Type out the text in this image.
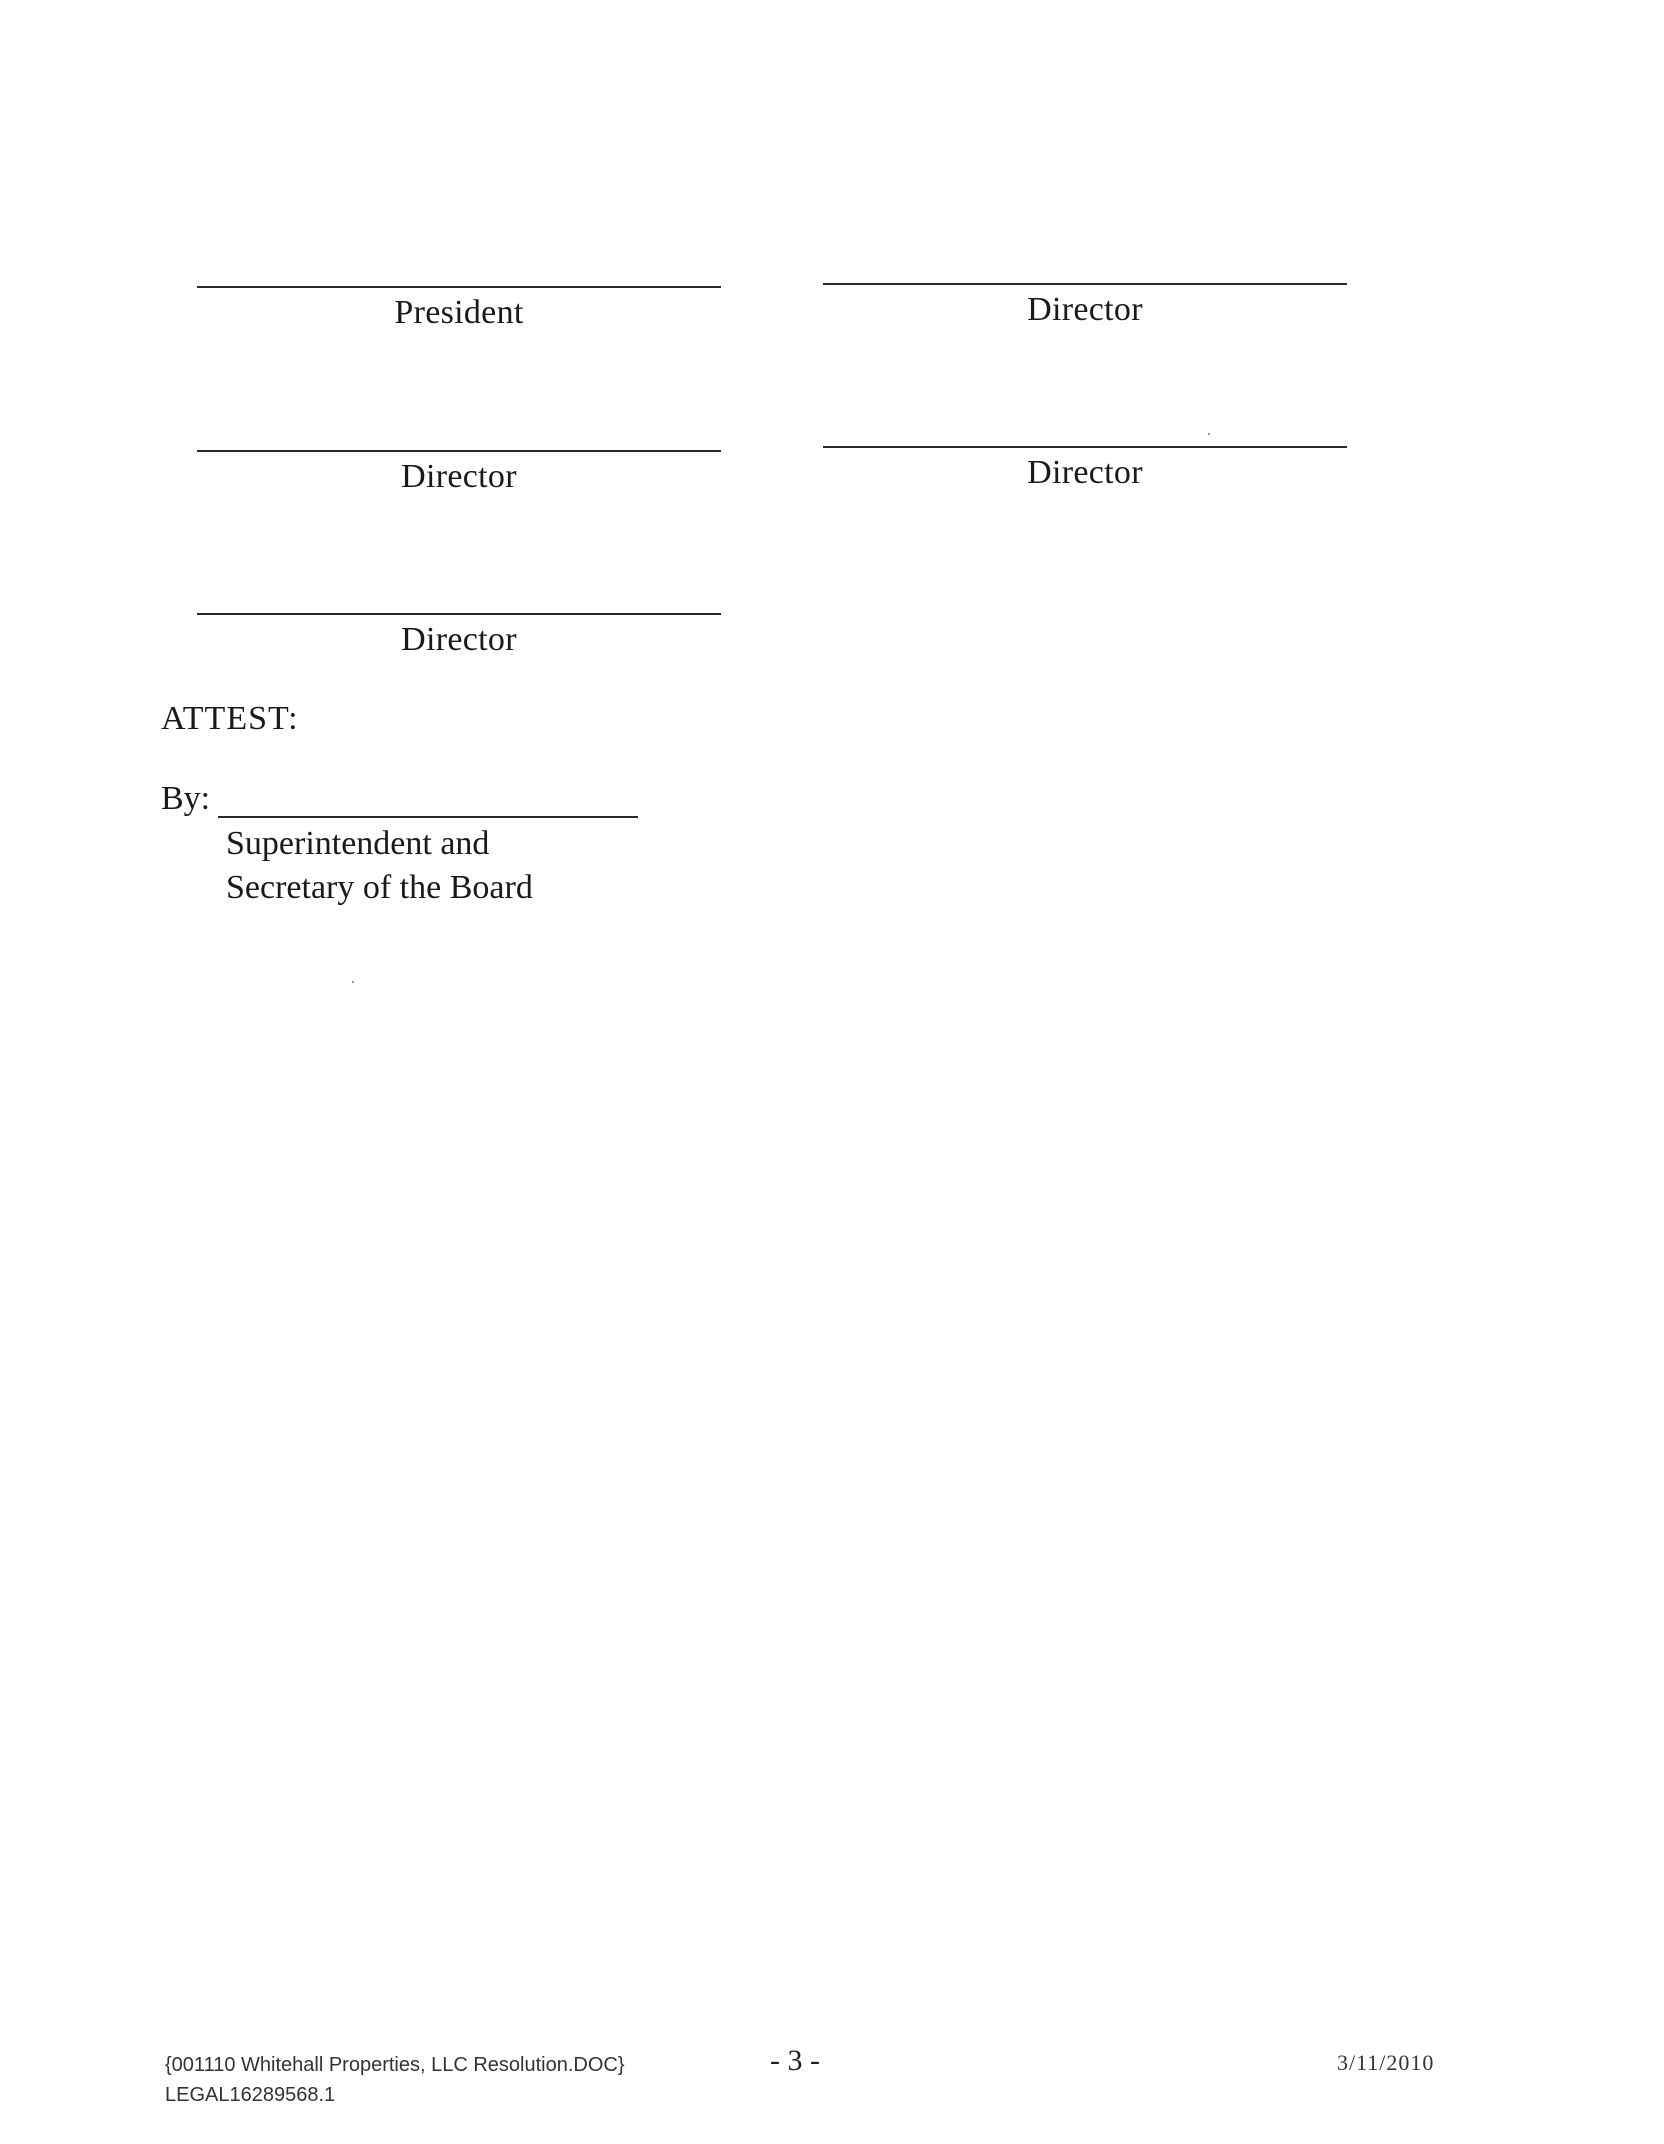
President	Director
Director	Director
Director
ATTEST:
By:
Superintendent and
Secretary of the Board
{001110 Whitehall Properties, LLC Resolution.DOC}
LEGAL16289568.1
- 3 -	3/11/2010
